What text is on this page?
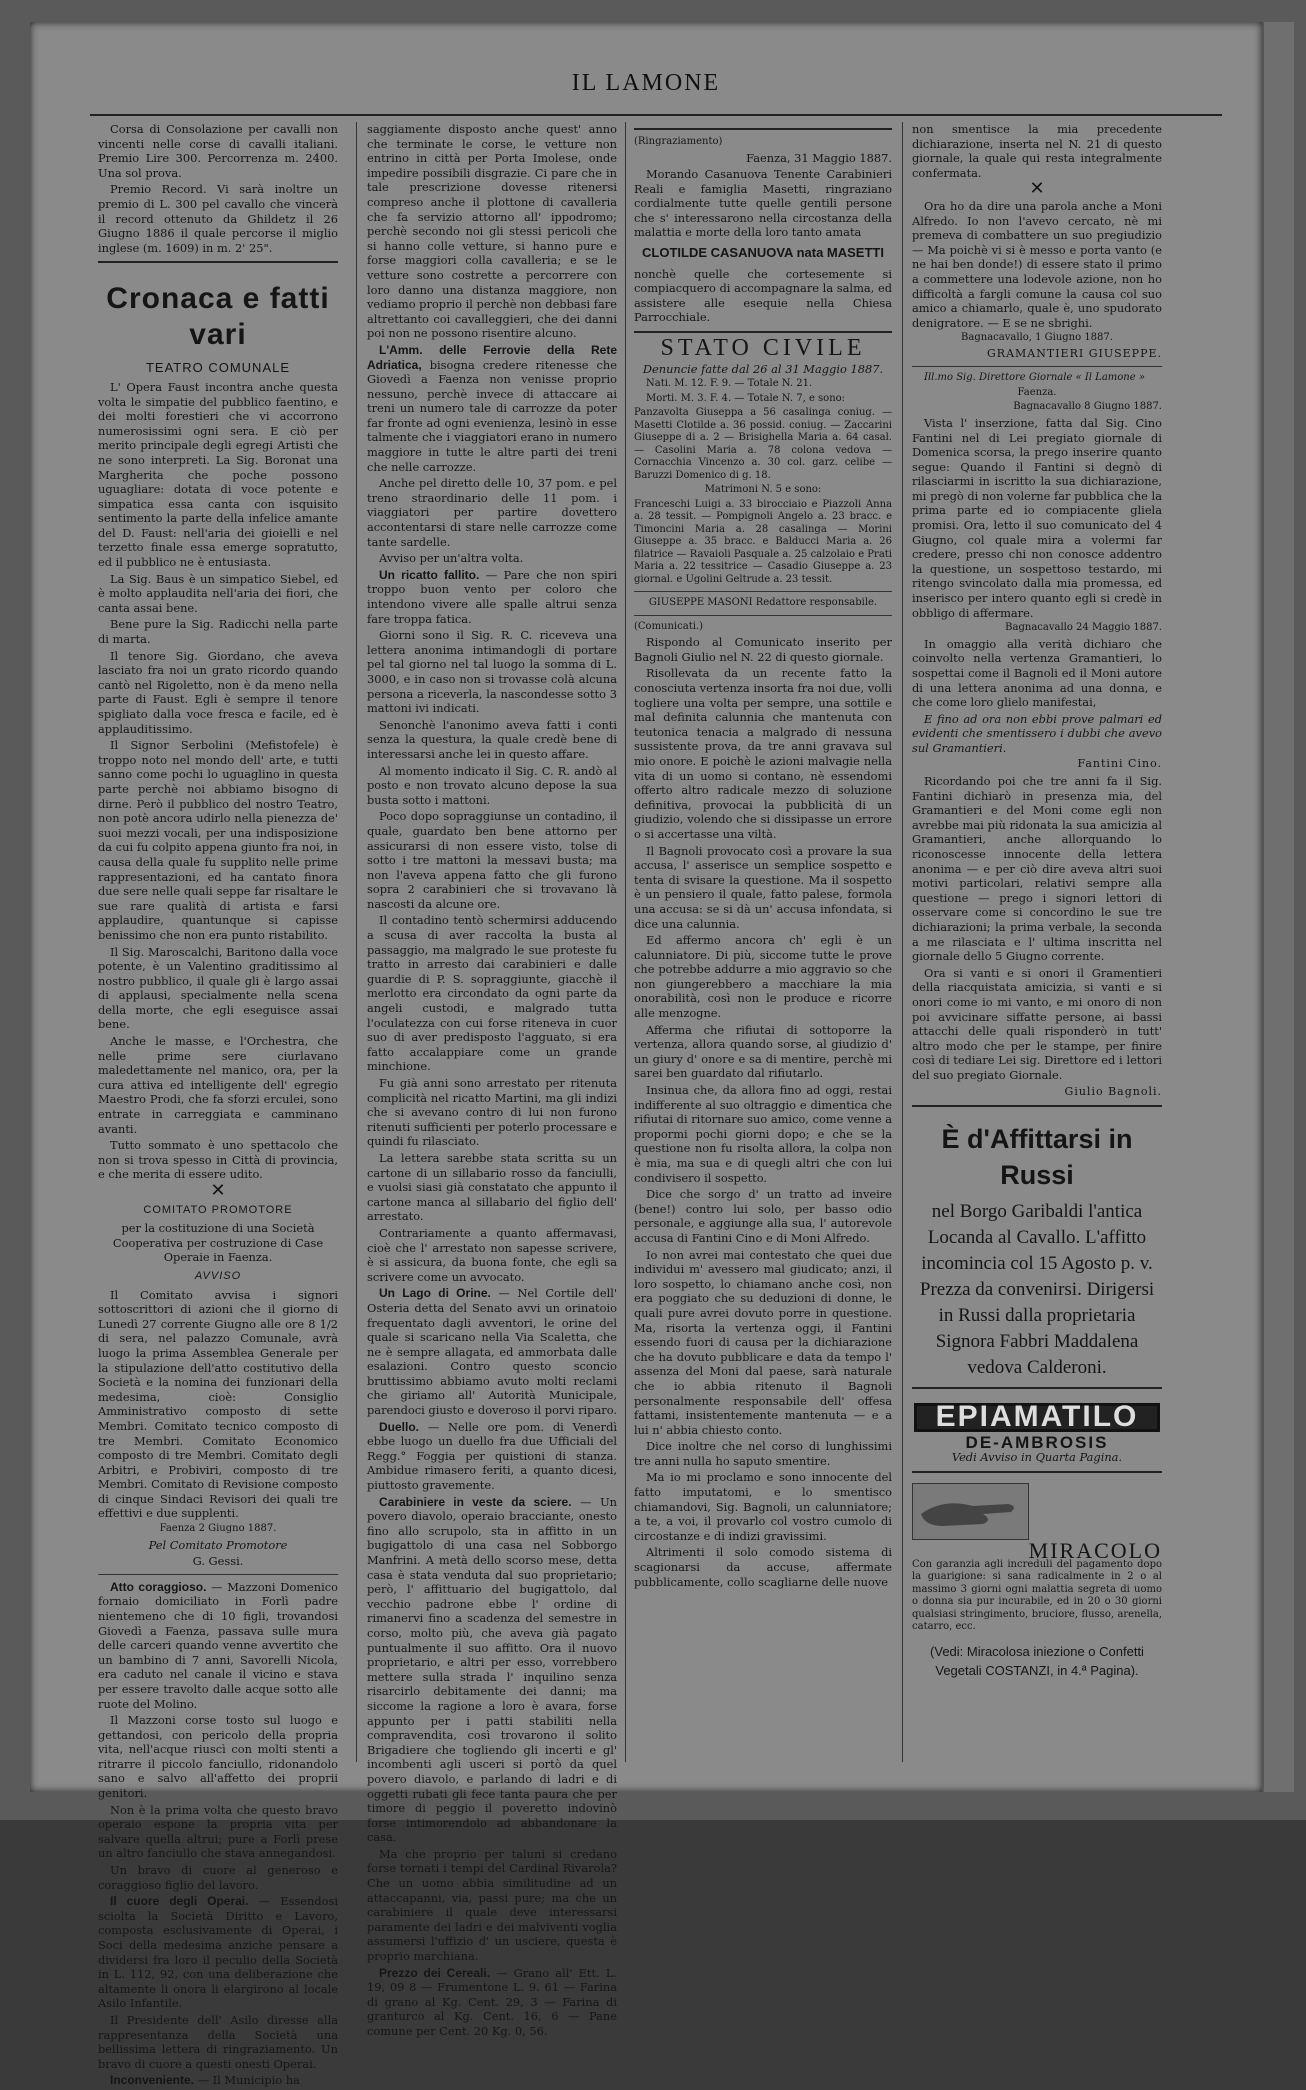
IL LAMONE

Corsa di Consolazione per cavalli non vincenti nelle corse di cavalli italiani. Premio Lire 300. Percorrenza m. 2400. Una sol prova.

Premio Record. Vi sarà inoltre un premio di L. 300 pel cavallo che vincerà il record ottenuto da Ghildetz il 26 Giugno 1886 il quale percorse il miglio inglese (m. 1609) in m. 2' 25".

Cronaca e fatti vari
TEATRO COMUNALE

L' Opera Faust incontra anche questa volta le simpatie del pubblico faentino, e dei molti forestieri che vi accorrono numerosissimi ogni sera. E ciò per merito principale degli egregi Artisti che ne sono interpreti. La Sig. Boronat una Margherita che poche possono uguagliare: dotata di voce potente e simpatica essa canta con isquisito sentimento la parte della infelice amante del D. Faust: nell'aria dei gioielli e nel terzetto finale essa emerge sopratutto, ed il pubblico ne è entusiasta.

La Sig. Baus è un simpatico Siebel, ed è molto applaudita nell'aria dei fiori, che canta assai bene.

Bene pure la Sig. Radicchi nella parte di marta.

Il tenore Sig. Giordano, che aveva lasciato fra noi un grato ricordo quando cantò nel Rigoletto, non è da meno nella parte di Faust. Egli è sempre il tenore spigliato dalla voce fresca e facile, ed è applauditissimo.

Il Signor Serbolini (Mefistofele) è troppo noto nel mondo dell' arte, e tutti sanno come pochi lo uguaglino in questa parte perchè noi abbiamo bisogno di dirne. Però il pubblico del nostro Teatro, non potè ancora udirlo nella pienezza de' suoi mezzi vocali, per una indisposizione da cui fu colpito appena giunto fra noi, in causa della quale fu supplito nelle prime rappresentazioni, ed ha cantato finora due sere nelle quali seppe far risaltare le sue rare qualità di artista e farsi applaudire, quantunque si capisse benissimo che non era punto ristabilito.

Il Sig. Maroscalchi, Baritono dalla voce potente, è un Valentino graditissimo al nostro pubblico, il quale gli è largo assai di applausi, specialmente nella scena della morte, che egli eseguisce assai bene.

Anche le masse, e l'Orchestra, che nelle prime sere ciurlavano maledettamente nel manico, ora, per la cura attiva ed intelligente dell' egregio Maestro Prodi, che fa sforzi erculei, sono entrate in carreggiata e camminano avanti.

Tutto sommato è uno spettacolo che non si trova spesso in Città di provincia, e che merita di essere udito.

✕
COMITATO PROMOTORE

per la costituzione di una Società Cooperativa per costruzione di Case Operaie in Faenza.

AVVISO

Il Comitato avvisa i signori sottoscrittori di azioni che il giorno di Lunedì 27 corrente Giugno alle ore 8 1/2 di sera, nel palazzo Comunale, avrà luogo la prima Assemblea Generale per la stipulazione dell'atto costitutivo della Società e la nomina dei funzionari della medesima, cioè: Consiglio Amministrativo composto di sette Membri. Comitato tecnico composto di tre Membri. Comitato Economico composto di tre Membri. Comitato degli Arbitri, e Probiviri, composto di tre Membri. Comitato di Revisione composto di cinque Sindaci Revisori dei quali tre effettivi e due supplenti.

Faenza 2 Giugno 1887.

Pel Comitato Promotore

G. Gessi.

Atto coraggioso. — Mazzoni Domenico fornaio domiciliato in Forlì padre nientemeno che di 10 figli, trovandosi Giovedì a Faenza, passava sulle mura delle carceri quando venne avvertito che un bambino di 7 anni, Savorelli Nicola, era caduto nel canale il vicino e stava per essere travolto dalle acque sotto alle ruote del Molino.

Il Mazzoni corse tosto sul luogo e gettandosi, con pericolo della propria vita, nell'acque riuscì con molti stenti a ritrarre il piccolo fanciullo, ridonandolo sano e salvo all'affetto dei proprii genitori.

Non è la prima volta che questo bravo operaio espone la propria vita per salvare quella altrui; pure a Forlì prese un altro fanciullo che stava annegandosi.

Un bravo di cuore al generoso e coraggioso figlio del lavoro.

Il cuore degli Operai. — Essendosi sciolta la Società Diritto e Lavoro, composta esclusivamente di Operai, i Soci della medesima anziche pensare a dividersi fra loro il peculio della Società in L. 112, 92, con una deliberazione che altamente li onora li elargirono al locale Asilo Infantile.

Il Presidente dell' Asilo diresse alla rappresentanza della Società una bellissima lettera di ringraziamento. Un bravo di cuore a questi onesti Operai.

Inconveniente. — Il Municipio ha

saggiamente disposto anche quest' anno che terminate le corse, le vetture non entrino in città per Porta Imolese, onde impedire possibili disgrazie. Ci pare che in tale prescrizione dovesse ritenersi compreso anche il plottone di cavalleria che fa servizio attorno all' ippodromo; perchè secondo noi gli stessi pericoli che si hanno colle vetture, si hanno pure e forse maggiori colla cavalleria; e se le vetture sono costrette a percorrere con loro danno una distanza maggiore, non vediamo proprio il perchè non debbasi fare altrettanto coi cavalleggieri, che dei danni poi non ne possono risentire alcuno.

L'Amm. delle Ferrovie della Rete Adriatica, bisogna credere ritenesse che Giovedì a Faenza non venisse proprio nessuno, perchè invece di attaccare ai treni un numero tale di carrozze da poter far fronte ad ogni evenienza, lesinò in esse talmente che i viaggiatori erano in numero maggiore in tutte le altre parti dei treni che nelle carrozze.

Anche pel diretto delle 10, 37 pom. e pel treno straordinario delle 11 pom. i viaggiatori per partire dovettero accontentarsi di stare nelle carrozze come tante sardelle.

Avviso per un'altra volta.

Un ricatto fallito. — Pare che non spiri troppo buon vento per coloro che intendono vivere alle spalle altrui senza fare troppa fatica.

Giorni sono il Sig. R. C. riceveva una lettera anonima intimandogli di portare pel tal giorno nel tal luogo la somma di L. 3000, e in caso non si trovasse colà alcuna persona a riceverla, la nascondesse sotto 3 mattoni ivi indicati.

Senonchè l'anonimo aveva fatti i conti senza la questura, la quale credè bene di interessarsi anche lei in questo affare.

Al momento indicato il Sig. C. R. andò al posto e non trovato alcuno depose la sua busta sotto i mattoni.

Poco dopo sopraggiunse un contadino, il quale, guardato ben bene attorno per assicurarsi di non essere visto, tolse di sotto i tre mattoni la messavi busta; ma non l'aveva appena fatto che gli furono sopra 2 carabinieri che si trovavano là nascosti da alcune ore.

Il contadino tentò schermirsi adducendo a scusa di aver raccolta la busta al passaggio, ma malgrado le sue proteste fu tratto in arresto dai carabinieri e dalle guardie di P. S. sopraggiunte, giacchè il merlotto era circondato da ogni parte da angeli custodi, e malgrado tutta l'oculatezza con cui forse riteneva in cuor suo di aver predisposto l'agguato, si era fatto accalappiare come un grande minchione.

Fu già anni sono arrestato per ritenuta complicità nel ricatto Martini, ma gli indizi che si avevano contro di lui non furono ritenuti sufficienti per poterlo processare e quindi fu rilasciato.

La lettera sarebbe stata scritta su un cartone di un sillabario rosso da fanciulli, e vuolsi siasi già constatato che appunto il cartone manca al sillabario del figlio dell' arrestato.

Contrariamente a quanto affermavasi, cioè che l' arrestato non sapesse scrivere, è si assicura, da buona fonte, che egli sa scrivere come un avvocato.

Un Lago di Orine. — Nel Cortile dell' Osteria detta del Senato avvi un orinatoio frequentato dagli avventori, le orine del quale si scaricano nella Via Scaletta, che ne è sempre allagata, ed ammorbata dalle esalazioni. Contro questo sconcio bruttissimo abbiamo avuto molti reclami che giriamo all' Autorità Municipale, parendoci giusto e doveroso il porvi riparo.

Duello. — Nelle ore pom. di Venerdì ebbe luogo un duello fra due Ufficiali del Regg.° Foggia per quistioni di stanza. Ambidue rimasero feriti, a quanto dicesi, piuttosto gravemente.

Carabiniere in veste da sciere. — Un povero diavolo, operaio bracciante, onesto fino allo scrupolo, sta in affitto in un bugigattolo di una casa nel Sobborgo Manfrini. A metà dello scorso mese, detta casa è stata venduta dal suo proprietario; però, l' affittuario del bugigattolo, dal vecchio padrone ebbe l' ordine di rimanervi fino a scadenza del semestre in corso, molto più, che aveva già pagato puntualmente il suo affitto. Ora il nuovo proprietario, e altri per esso, vorrebbero mettere sulla strada l' inquilino senza risarcirlo debitamente dei danni; ma siccome la ragione a loro è avara, forse appunto per i patti stabiliti nella compravendita, così trovarono il solito Brigadiere che togliendo gli incerti e gl' incombenti agli usceri si portò da quel povero diavolo, e parlando di ladri e di oggetti rubati gli fece tanta paura che per timore di peggio il poveretto indovinò forse intimorendolo ad abbandonare la casa.

Ma che proprio per taluni si credano forse tornati i tempi del Cardinal Rivarola? Che un uomo abbia similitudine ad un attaccapanni, via, passi pure; ma che un carabiniere il quale deve interessarsi paramente dei ladri e dei malviventi voglia assumersi l'uffizio d' un usciere, questa è proprio marchiana.

Prezzo dei Cereali. — Grano all' Ett. L. 19, 09 8 — Frumentone L. 9. 61 — Farina di grano al Kg. Cent. 29, 3 — Farina di granturco al Kg. Cent. 16, 6 — Pane comune per Cent. 20 Kg. 0, 56.

(Ringraziamento)

Faenza, 31 Maggio 1887.

Morando Casanuova Tenente Carabinieri Reali e famiglia Masetti, ringraziano cordialmente tutte quelle gentili persone che s' interessarono nella circostanza della malattia e morte della loro tanto amata

CLOTILDE CASANUOVA nata MASETTI

nonchè quelle che cortesemente si compiacquero di accompagnare la salma, ed assistere alle esequie nella Chiesa Parrocchiale.

STATO CIVILE

Denuncie fatte dal 26 al 31 Maggio 1887.

Nati. M. 12. F. 9. — Totale N. 21.

Morti. M. 3. F. 4. — Totale N. 7, e sono:

Panzavolta Giuseppa a 56 casalinga coniug. — Masetti Clotilde a. 36 possid. coniug. — Zaccarini Giuseppe di a. 2 — Brisighella Maria a. 64 casal. — Casolini Maria a. 78 colona vedova — Cornacchia Vincenzo a. 30 col. garz. celibe — Baruzzi Domenico di g. 18.

Matrimoni N. 5 e sono:

Franceschi Luigi a. 33 birocciaio e Piazzoli Anna a. 28 tessit. — Pompignoli Angelo a. 23 bracc. e Timoncini Maria a. 28 casalinga — Morini Giuseppe a. 35 bracc. e Balducci Maria a. 26 filatrice — Ravaioli Pasquale a. 25 calzolaio e Prati Maria a. 22 tessitrice — Casadio Giuseppe a. 23 giornal. e Ugolini Geltrude a. 23 tessit.

GIUSEPPE MASONI Redattore responsabile.

(Comunicati.)

Rispondo al Comunicato inserito per Bagnoli Giulio nel N. 22 di questo giornale.

Risollevata da un recente fatto la conosciuta vertenza insorta fra noi due, volli togliere una volta per sempre, una sottile e mal definita calunnia che mantenuta con teutonica tenacia a malgrado di nessuna sussistente prova, da tre anni gravava sul mio onore. E poichè le azioni malvagie nella vita di un uomo si contano, nè essendomi offerto altro radicale mezzo di soluzione definitiva, provocai la pubblicità di un giudizio, volendo che si dissipasse un errore o si accertasse una viltà.

Il Bagnoli provocato così a provare la sua accusa, l' asserisce un semplice sospetto e tenta di svisare la questione. Ma il sospetto è un pensiero il quale, fatto palese, formola una accusa: se si dà un' accusa infondata, si dice una calunnia.

Ed affermo ancora ch' egli è un calunniatore. Di più, siccome tutte le prove che potrebbe addurre a mio aggravio so che non giungerebbero a macchiare la mia onorabilità, così non le produce e ricorre alle menzogne.

Afferma che rifiutai di sottoporre la vertenza, allora quando sorse, al giudizio d' un giury d' onore e sa di mentire, perchè mi sarei ben guardato dal rifiutarlo.

Insinua che, da allora fino ad oggi, restai indifferente al suo oltraggio e dimentica che rifiutai di ritornare suo amico, come venne a propormi pochi giorni dopo; e che se la questione non fu risolta allora, la colpa non è mia, ma sua e di quegli altri che con lui condivisero il sospetto.

Dice che sorgo d' un tratto ad inveire (bene!) contro lui solo, per basso odio personale, e aggiunge alla sua, l' autorevole accusa di Fantini Cino e di Moni Alfredo.

Io non avrei mai contestato che quei due individui m' avessero mal giudicato; anzi, il loro sospetto, lo chiamano anche così, non era poggiato che su deduzioni di donne, le quali pure avrei dovuto porre in questione. Ma, risorta la vertenza oggi, il Fantini essendo fuori di causa per la dichiarazione che ha dovuto pubblicare e data da tempo l' assenza del Moni dal paese, sarà naturale che io abbia ritenuto il Bagnoli personalmente responsabile dell' offesa fattami, insistentemente mantenuta — e a lui n' abbia chiesto conto.

Dice inoltre che nel corso di lunghissimi tre anni nulla ho saputo smentire.

Ma io mi proclamo e sono innocente del fatto imputatomi, e lo smentisco chiamandovi, Sig. Bagnoli, un calunniatore; a te, a voi, il provarlo col vostro cumolo di circostanze e di indizi gravissimi.

Altrimenti il solo comodo sistema di scagionarsi da accuse, affermate pubblicamente, collo scagliarne delle nuove

non smentisce la mia precedente dichiarazione, inserta nel N. 21 di questo giornale, la quale qui resta integralmente confermata.

✕

Ora ho da dire una parola anche a Moni Alfredo. Io non l'avevo cercato, nè mi premeva di combattere un suo pregiudizio — Ma poichè vi si è messo e porta vanto (e ne hai ben donde!) di essere stato il primo a commettere una lodevole azione, non ho difficoltà a fargli comune la causa col suo amico a chiamarlo, quale è, uno spudorato denigratore. — E se ne sbrighi.

Bagnacavallo, 1 Giugno 1887.

GRAMANTIERI GIUSEPPE.

Ill.mo Sig. Direttore Giornale « Il Lamone »

Faenza.

Bagnacavallo 8 Giugno 1887.

Vista l' inserzione, fatta dal Sig. Cino Fantini nel di Lei pregiato giornale di Domenica scorsa, la prego inserire quanto segue: Quando il Fantini si degnò di rilasciarmi in iscritto la sua dichiarazione, mi pregò di non volerne far pubblica che la prima parte ed io compiacente gliela promisi. Ora, letto il suo comunicato del 4 Giugno, col quale mira a volermi far credere, presso chi non conosce addentro la questione, un sospettoso testardo, mi ritengo svincolato dalla mia promessa, ed inserisco per intero quanto egli si credè in obbligo di affermare.

Bagnacavallo 24 Maggio 1887.

In omaggio alla verità dichiaro che coinvolto nella vertenza Gramantieri, lo sospettai come il Bagnoli ed il Moni autore di una lettera anonima ad una donna, e che come loro glielo manifestai,

E fino ad ora non ebbi prove palmari ed evidenti che smentissero i dubbi che avevo sul Gramantieri.

Fantini Cino.

Ricordando poi che tre anni fa il Sig. Fantini dichiarò in presenza mia, del Gramantieri e del Moni come egli non avrebbe mai più ridonata la sua amicizia al Gramantieri, anche allorquando lo riconoscesse innocente della lettera anonima — e per ciò dire aveva altri suoi motivi particolari, relativi sempre alla questione — prego i signori lettori di osservare come si concordino le sue tre dichiarazioni; la prima verbale, la seconda a me rilasciata e l' ultima inscritta nel giornale dello 5 Giugno corrente.

Ora si vanti e si onori il Gramentieri della riacquistata amicizia, si vanti e si onori come io mi vanto, e mi onoro di non poi avvicinare siffatte persone, ai bassi attacchi delle quali risponderò in tutt' altro modo che per le stampe, per finire così di tediare Lei sig. Direttore ed i lettori del suo pregiato Giornale.

Giulio Bagnoli.

È d'Affittarsi in Russi
nel Borgo Garibaldi l'antica Locanda al Cavallo. L'affitto incomincia col 15 Agosto p. v. Prezza da convenirsi. Dirigersi in Russi dalla proprietaria Signora Fabbri Maddalena vedova Calderoni.
EPIAMATILO
DE-AMBROSIS

Vedi Avviso in Quarta Pagina.

MIRACOLO

Con garanzia agli increduli del pagamento dopo la guarigione: si sana radicalmente in 2 o al massimo 3 giorni ogni malattia segreta di uomo o donna sia pur incurabile, ed in 20 o 30 giorni qualsiasi stringimento, bruciore, flusso, arenella, catarro, ecc.

(Vedi: Miracolosa iniezione o Confetti Vegetali COSTANZI, in 4.ª Pagina).
